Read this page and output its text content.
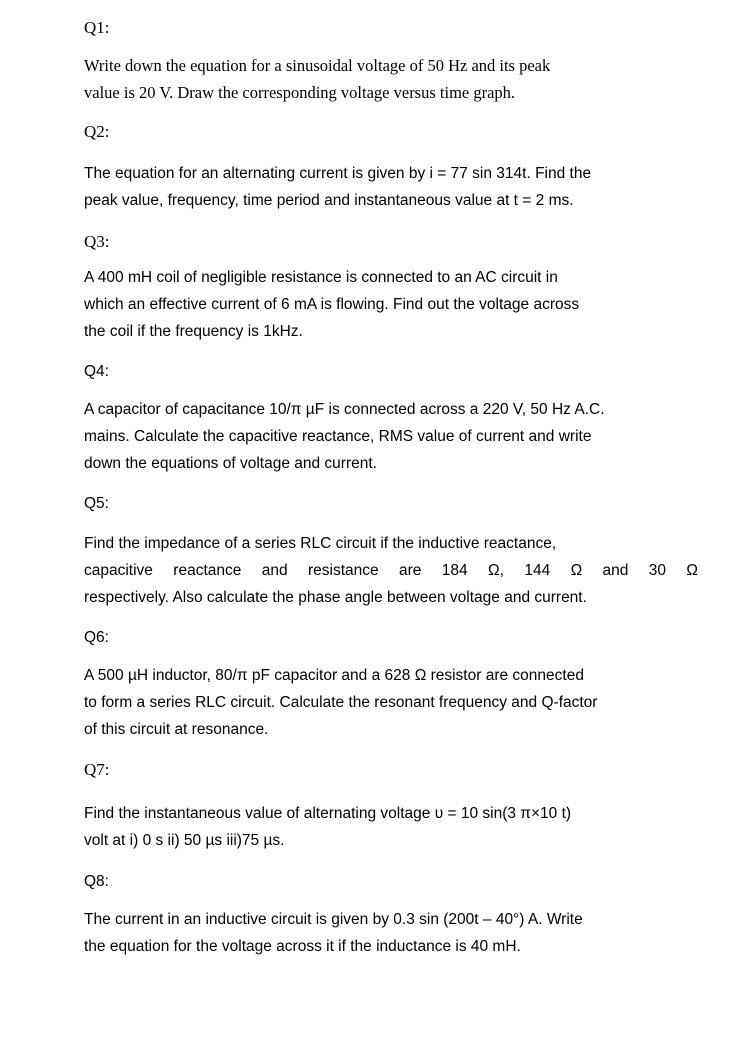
Q1:
Write down the equation for a sinusoidal voltage of 50 Hz and its peak
value is 20 V. Draw the corresponding voltage versus time graph.
Q2:
The equation for an alternating current is given by i = 77 sin 314t. Find the
peak value, frequency, time period and instantaneous value at t = 2 ms.
Q3:
A 400 mH coil of negligible resistance is connected to an AC circuit in
which an effective current of 6 mA is flowing. Find out the voltage across
the coil if the frequency is 1kHz.
Q4:
A capacitor of capacitance 10/π µF is connected across a 220 V, 50 Hz A.C.
mains. Calculate the capacitive reactance, RMS value of current and write
down the equations of voltage and current.
Q5:
Find the impedance of a series RLC circuit if the inductive reactance,
capacitive reactance and resistance are 184 Ω, 144 Ω and 30 Ω
respectively. Also calculate the phase angle between voltage and current.
Q6:
A 500 µH inductor, 80/π pF capacitor and a 628 Ω resistor are connected
to form a series RLC circuit. Calculate the resonant frequency and Q-factor
of this circuit at resonance.
Q7:
Find the instantaneous value of alternating voltage υ = 10 sin(3 π×10 t)
volt at i) 0 s ii) 50 µs iii)75 µs.
Q8:
The current in an inductive circuit is given by 0.3 sin (200t – 40°) A. Write
the equation for the voltage across it if the inductance is 40 mH.
